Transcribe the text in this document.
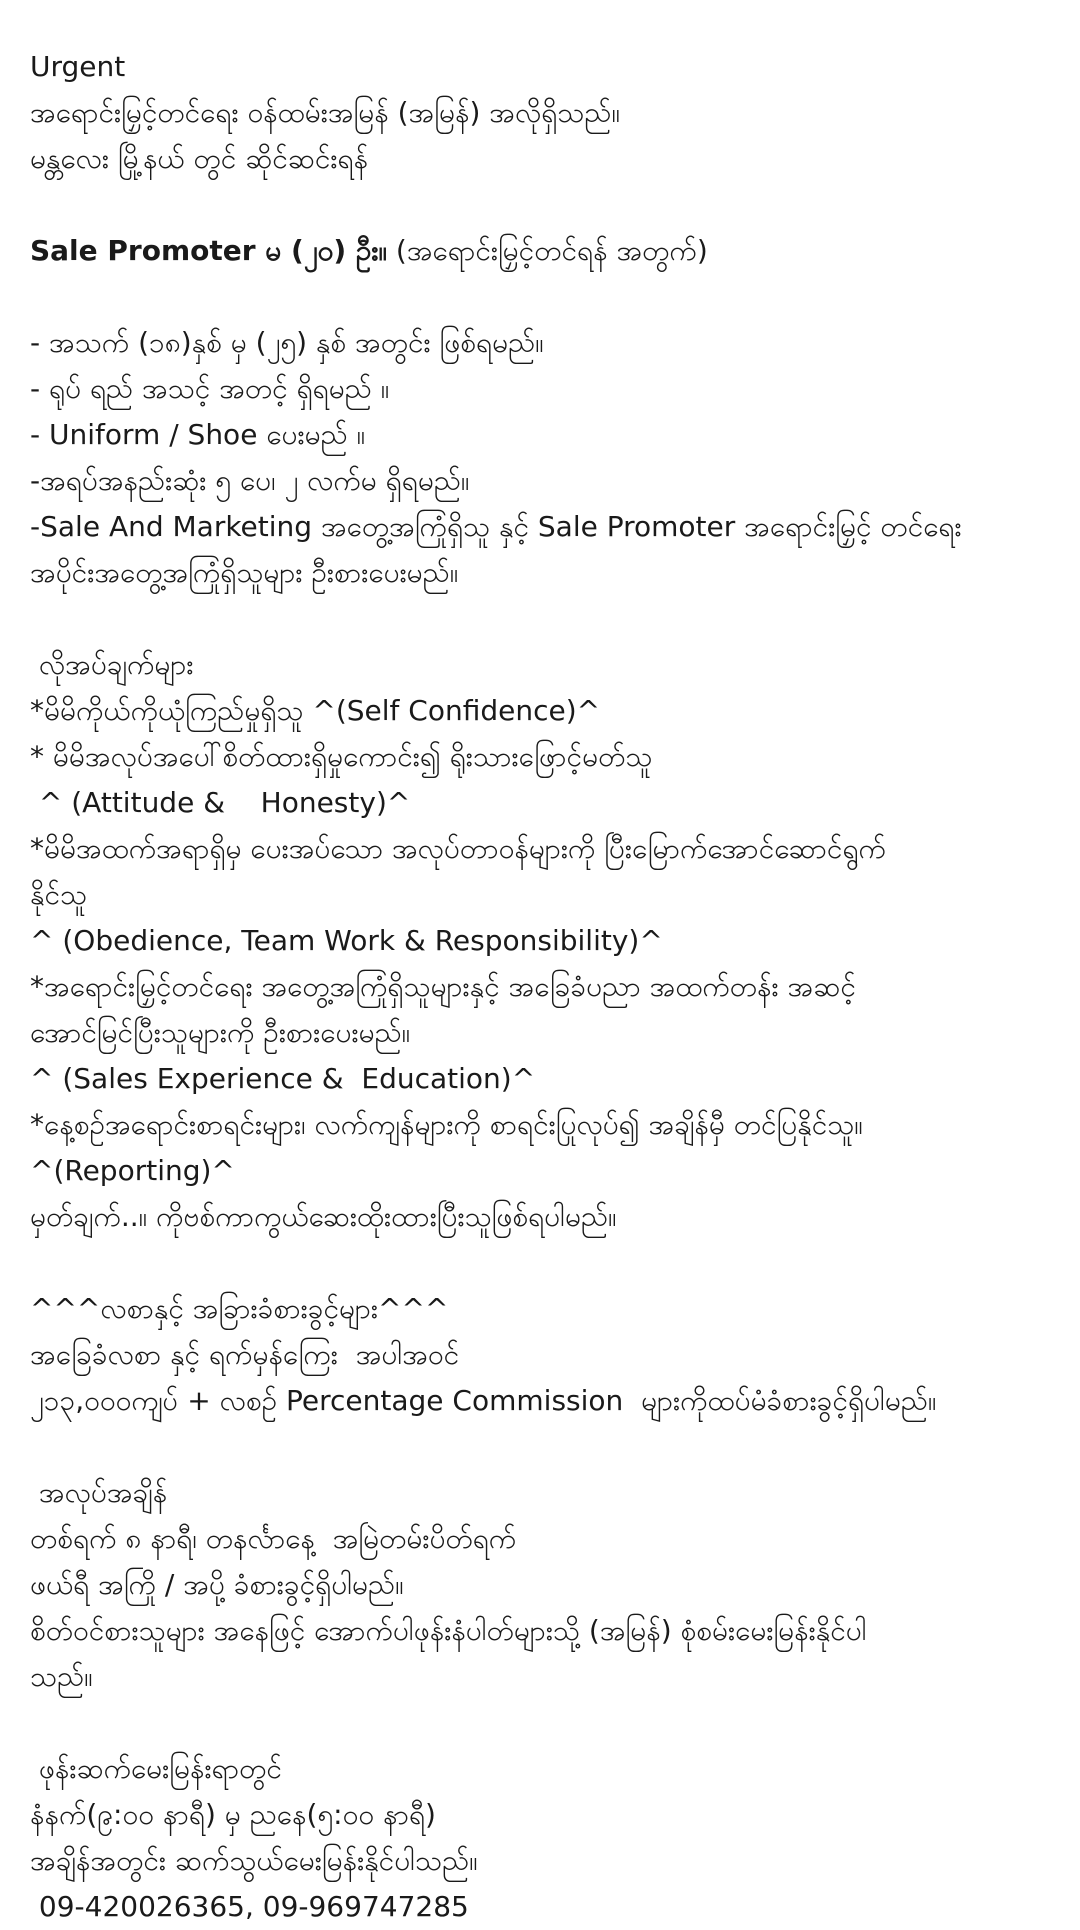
Urgent
အရောင်းမြှင့်တင်ရေး ဝန်ထမ်းအမြန် (အမြန်) အလိုရှိသည်။
မန္တလေး မြို့နယ် တွင် ဆိုင်ဆင်းရန်
Sale Promoter မ (၂၀) ဦး။ (အရောင်းမြှင့်တင်ရန် အတွက်)
- အသက် (၁၈)နှစ် မှ (၂၅) နှစ် အတွင်း ဖြစ်ရမည်။
- ရုပ် ရည် အသင့် အတင့် ရှိရမည် ။
- Uniform / Shoe ပေးမည် ။
-အရပ်အနည်းဆုံး ၅ ပေ၊ ၂ လက်မ ရှိရမည်။
-Sale And Marketing အတွေ့အကြုံရှိသူ နှင့် Sale Promoter အရောင်းမြှင့် တင်ရေး
အပိုင်းအတွေ့အကြုံရှိသူများ ဦးစားပေးမည်။
လိုအပ်ချက်များ
*မိမိကိုယ်ကိုယုံကြည်မှုရှိသူ ^(Self Confidence)^
* မိမိအလုပ်အပေါ်စိတ်ထားရှိမှုကောင်း၍ ရိုးသားဖြောင့်မတ်သူ
^ (Attitude &    Honesty)^
*မိမိအထက်အရာရှိမှ ပေးအပ်သော အလုပ်တာဝန်များကို ပြီးမြောက်အောင်ဆောင်ရွက်
နိုင်သူ
^ (Obedience, Team Work & Responsibility)^
*အရောင်းမြှင့်တင်ရေး အတွေ့အကြုံရှိသူများနှင့် အခြေခံပညာ အထက်တန်း အဆင့်
အောင်မြင်ပြီးသူများကို ဦးစားပေးမည်။
^ (Sales Experience &  Education)^
*နေ့စဉ်အရောင်းစာရင်းများ၊ လက်ကျန်များကို စာရင်းပြုလုပ်၍ အချိန်မှီ တင်ပြနိုင်သူ။
^(Reporting)^
မှတ်ချက်..။ ကိုဗစ်ကာကွယ်ဆေးထိုးထားပြီးသူဖြစ်ရပါမည်။
^^^လစာနှင့် အခြားခံစားခွင့်များ^^^
အခြေခံလစာ နှင့် ရက်မှန်ကြေး  အပါအဝင်
၂၁၃,၀၀၀ကျပ် + လစဉ် Percentage Commission  များကိုထပ်မံခံစားခွင့်ရှိပါမည်။
အလုပ်အချိန်
တစ်ရက် ၈ နာရီ၊ တနင်္လာနေ့  အမြဲတမ်းပိတ်ရက်
ဖယ်ရီ အကြို / အပို့ ခံစားခွင့်ရှိပါမည်။
စိတ်ဝင်စားသူများ အနေဖြင့် အောက်ပါဖုန်းနံပါတ်များသို့ (အမြန်) စုံစမ်းမေးမြန်းနိုင်ပါ
သည်။
ဖုန်းဆက်မေးမြန်းရာတွင်
နံနက်(၉:၀၀ နာရီ) မှ ညနေ(၅:၀၀ နာရီ)
အချိန်အတွင်း ဆက်သွယ်မေးမြန်းနိုင်ပါသည်။
09-420026365, 09-969747285
